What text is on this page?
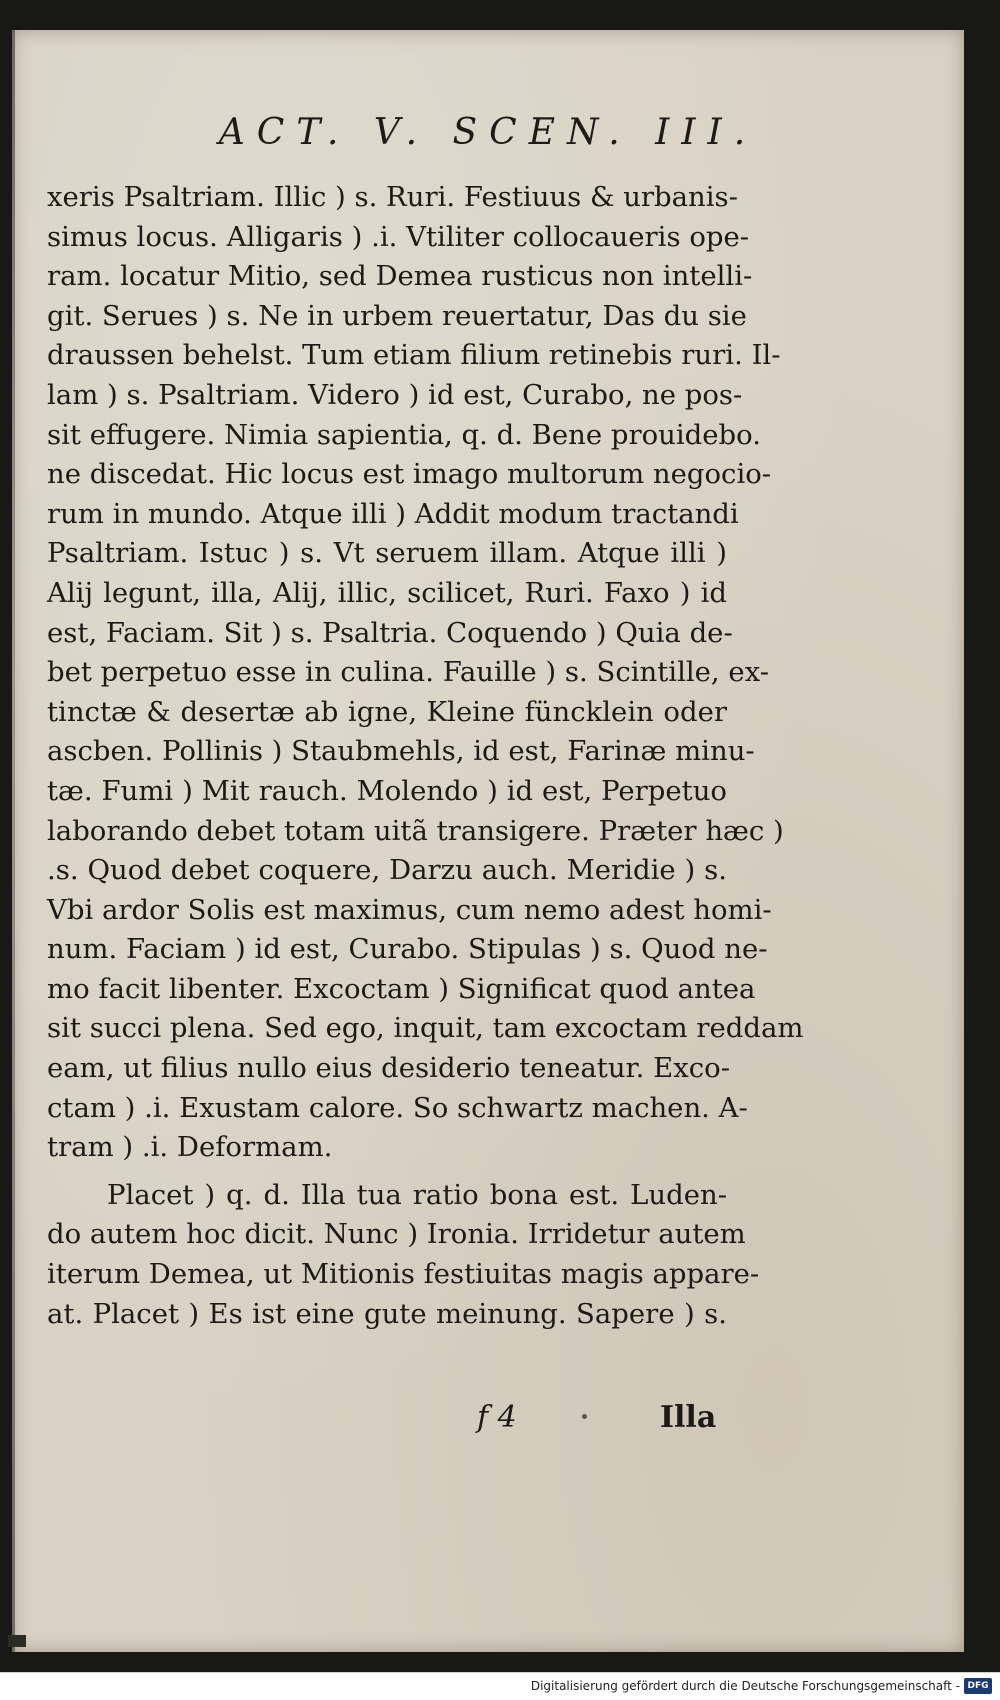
ACT. V. SCEN. III.
xeris Psaltriam. Illic ) s. Ruri. Festiuus & urbanis-
simus locus. Alligaris ) .i. Vtiliter collocaueris ope-
ram. locatur Mitio, sed Demea rusticus non intelli-
git. Serues ) s. Ne in urbem reuertatur, Das du sie
draussen behelst. Tum etiam filium retinebis ruri. Il-
lam ) s. Psaltriam. Videro ) id est, Curabo, ne pos-
sit effugere. Nimia sapientia, q. d. Bene prouidebo.
ne discedat. Hic locus est imago multorum negocio-
rum in mundo. Atque illi ) Addit modum tractandi
Psaltriam. Istuc ) s. Vt seruem illam. Atque illi )
Alij legunt, illa, Alij, illic, scilicet, Ruri. Faxo ) id
est, Faciam. Sit ) s. Psaltria. Coquendo ) Quia de-
bet perpetuo esse in culina. Fauille ) s. Scintille, ex-
tinctæ & desertæ ab igne, Kleine füncklein oder
ascben. Pollinis ) Staubmehls, id est, Farinæ minu-
tæ. Fumi ) Mit rauch. Molendo ) id est, Perpetuo
laborando debet totam uitã transigere. Præter hæc )
.s. Quod debet coquere, Darzu auch. Meridie ) s.
Vbi ardor Solis est maximus, cum nemo adest homi-
num. Faciam ) id est, Curabo. Stipulas ) s. Quod ne-
mo facit libenter. Excoctam ) Significat quod antea
sit succi plena. Sed ego, inquit, tam excoctam reddam
eam, ut filius nullo eius desiderio teneatur. Exco-
ctam ) .i. Exustam calore. So schwartz machen. A-
tram ) .i. Deformam.
Placet ) q. d. Illa tua ratio bona est. Luden-
do autem hoc dicit. Nunc ) Ironia. Irridetur autem
iterum Demea, ut Mitionis festiuitas magis appare-
at. Placet ) Es ist eine gute meinung. Sapere ) s.
f 4	Illa
Digitalisierung gefördert durch die Deutsche Forschungsgemeinschaft - DFG
